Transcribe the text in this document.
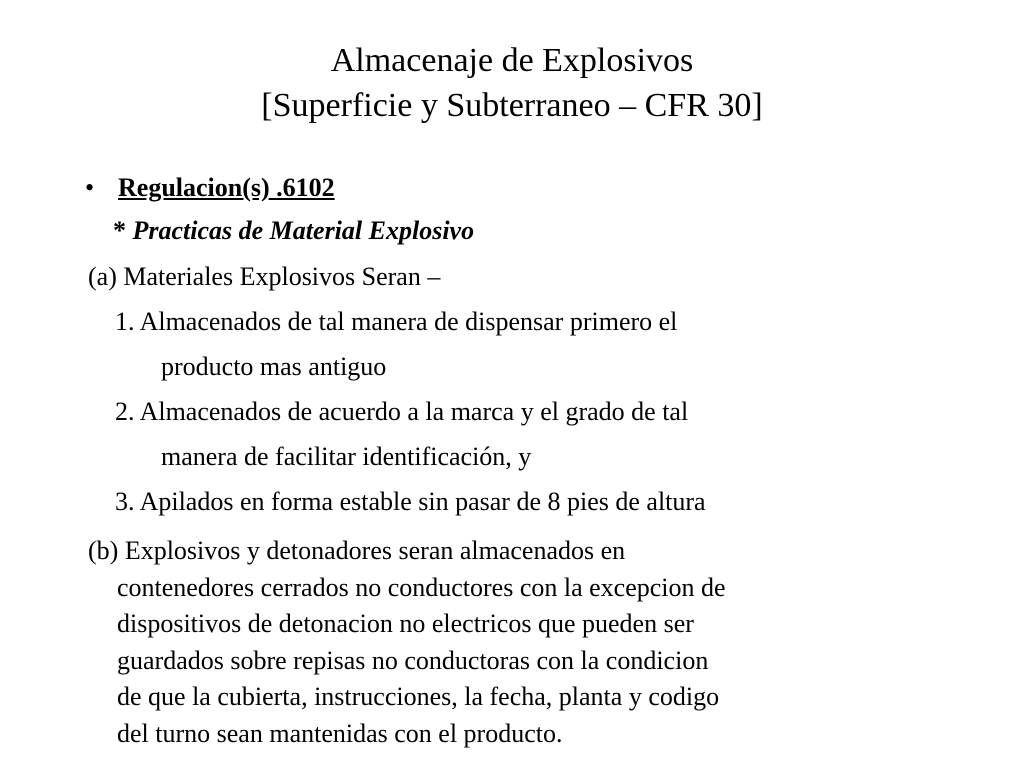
Almacenaje de Explosivos
[Superficie y Subterraneo – CFR 30]
• Regulacion(s) .6102
* Practicas de Material Explosivo
(a) Materiales Explosivos Seran –
1. Almacenados de tal manera de dispensar primero el
producto mas antiguo
2. Almacenados de acuerdo a la marca y el grado de tal
manera de facilitar identificación, y
3. Apilados en forma estable sin pasar de 8 pies de altura
(b) Explosivos y detonadores seran almacenados en
contenedores cerrados no conductores con la excepcion de
dispositivos de detonacion no electricos que pueden ser
guardados sobre repisas no conductoras con la condicion
de que la cubierta, instrucciones, la fecha, planta y codigo
del turno sean mantenidas con el producto.
